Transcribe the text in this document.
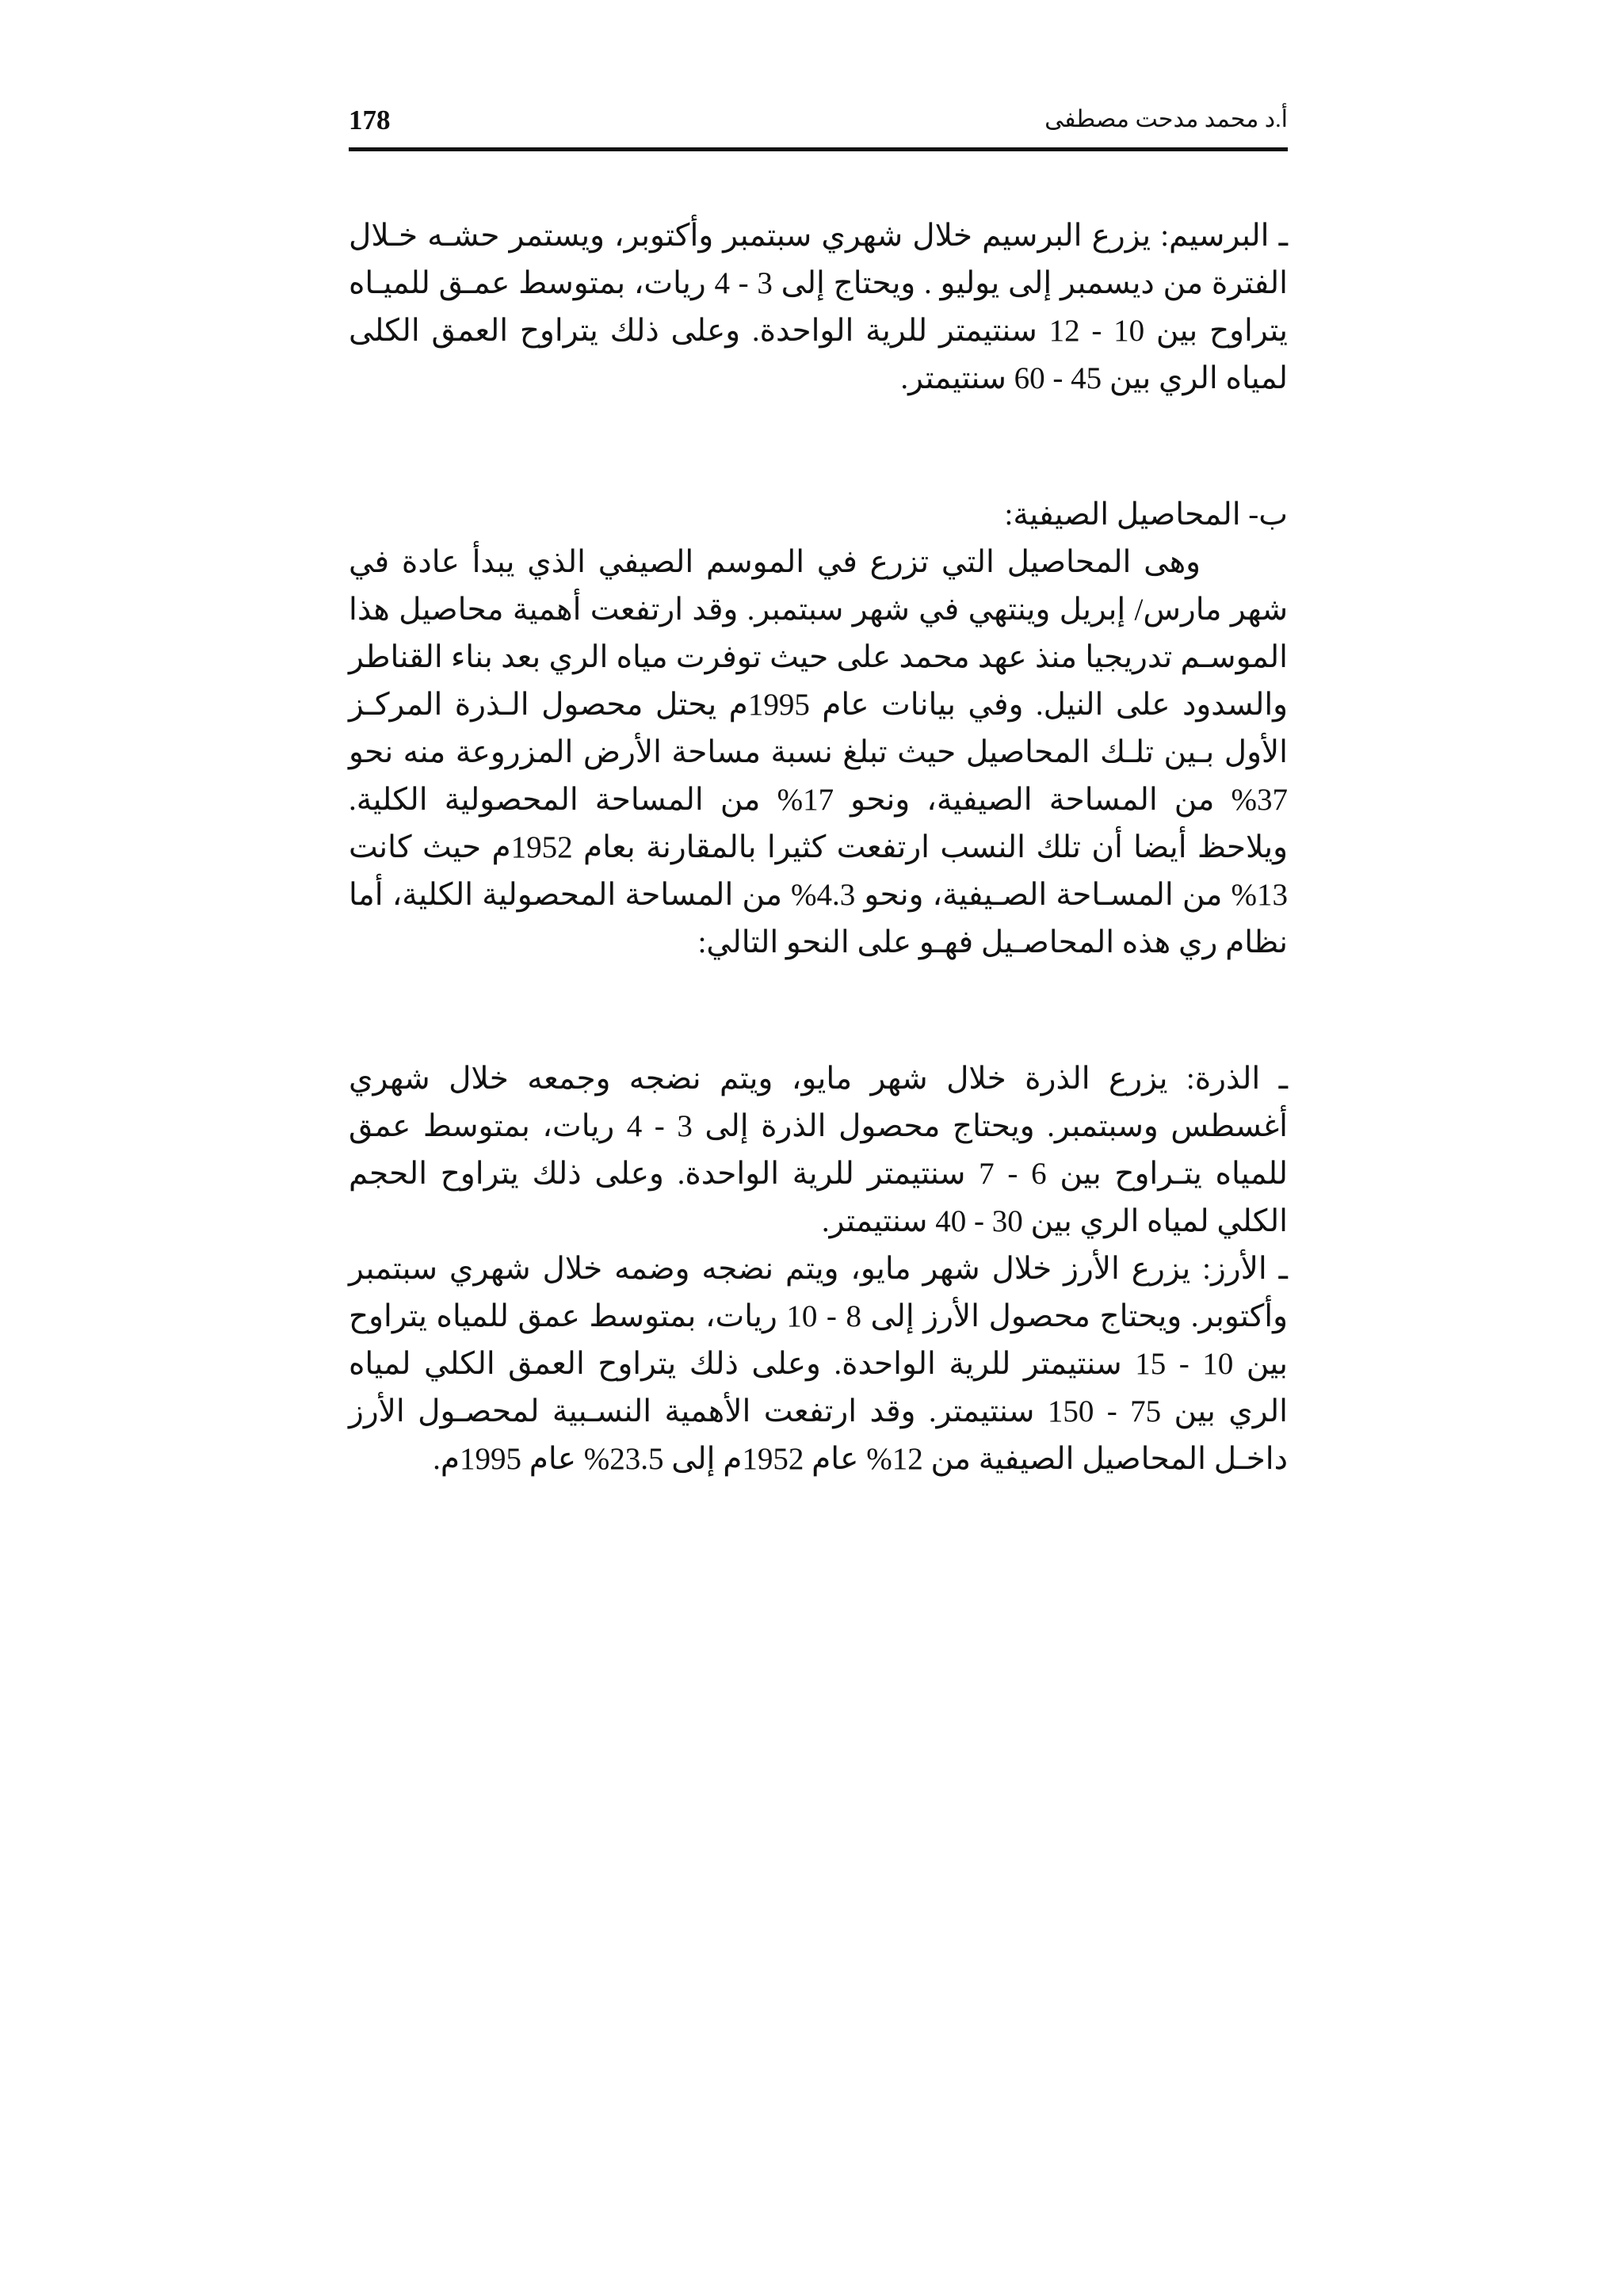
178	أ.د محمد مدحت مصطفى

ـ البرسيم: يزرع البرسيم خلال شهري سبتمبر وأكتوبر، ويستمر حشـه خـلال الفترة من ديسمبر إلى يوليو . ويحتاج إلى 3 - 4 ريات، بمتوسط عمـق للميـاه يتراوح بين 10 - 12 سنتيمتر للرية الواحدة. وعلى ذلك يتراوح العمق الكلى لمياه الري بين 45 - 60 سنتيمتر.

ب- المحاصيل الصيفية:

وهى المحاصيل التي تزرع في الموسم الصيفي الذي يبدأ عادة في شهر مارس/ إبريل وينتهي في شهر سبتمبر. وقد ارتفعت أهمية محاصيل هذا الموسـم تدريجيا منذ عهد محمد على حيث توفرت مياه الري بعد بناء القناطر والسدود على النيل. وفي بيانات عام 1995م يحتل محصول الـذرة المركـز الأول بـين تلـك المحاصيل حيث تبلغ نسبة مساحة الأرض المزروعة منه نحو 37% من المساحة الصيفية، ونحو 17% من المساحة المحصولية الكلية. ويلاحظ أيضا أن تلك النسب ارتفعت كثيرا بالمقارنة بعام 1952م حيث كانت 13% من المسـاحة الصـيفية، ونحو 4.3% من المساحة المحصولية الكلية، أما نظام ري هذه المحاصـيل فهـو على النحو التالي:

ـ الذرة: يزرع الذرة خلال شهر مايو، ويتم نضجه وجمعه خلال شهري أغسطس وسبتمبر. ويحتاج محصول الذرة إلى 3 - 4 ريات، بمتوسط عمق للمياه يتـراوح بين 6 - 7 سنتيمتر للرية الواحدة. وعلى ذلك يتراوح الحجم الكلي لمياه الري بين 30 - 40 سنتيمتر.

ـ الأرز: يزرع الأرز خلال شهر مايو، ويتم نضجه وضمه خلال شهري سبتمبر وأكتوبر. ويحتاج محصول الأرز إلى 8 - 10 ريات، بمتوسط عمق للمياه يتراوح بين 10 - 15 سنتيمتر للرية الواحدة. وعلى ذلك يتراوح العمق الكلي لمياه الري بين 75 - 150 سنتيمتر. وقد ارتفعت الأهمية النسـبية لمحصـول الأرز داخـل المحاصيل الصيفية من 12% عام 1952م إلى 23.5% عام 1995م.
